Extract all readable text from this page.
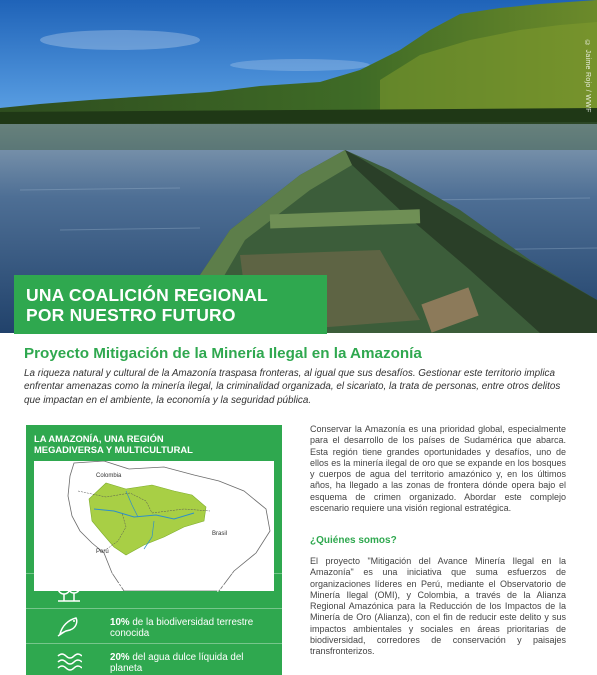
© Jaime Rojo / WWF
UNA COALICIÓN REGIONAL
POR NUESTRO FUTURO
Proyecto Mitigación de la Minería Ilegal en la Amazonía
La riqueza natural y cultural de la Amazonía traspasa fronteras, al igual que sus desafíos. Gestionar este territorio implica enfrentar amenazas como la minería ilegal, la criminalidad organizada, el sicariato, la trata de personas, entre otros delitos que impactan en el ambiente, la economía y la seguridad pública.
LA AMAZONÍA, UNA REGIÓN
MEGADIVERSA Y MULTICULTURAL
Colombia
Perú
Brasil
6.7 millones km² de bosques
10% de la biodiversidad terrestre conocida
20% del agua dulce líquida del planeta
Conservar la Amazonía es una prioridad global, especialmente para el desarrollo de los países de Sudamérica que abarca. Esta región tiene grandes oportunidades y desafíos, uno de ellos es la minería ilegal de oro que se expande en los bosques y cuerpos de agua del territorio amazónico y, en los últimos años, ha llegado a las zonas de frontera dónde opera bajo el esquema de crimen organizado. Abordar este complejo escenario requiere una visión regional estratégica.
¿Quiénes somos?
El proyecto "Mitigación del Avance Minería Ilegal en la Amazonía" es una iniciativa que suma esfuerzos de organizaciones líderes en Perú, mediante el Observatorio de Minería Ilegal (OMI), y Colombia, a través de la Alianza Regional Amazónica para la Reducción de los Impactos de la Minería de Oro (Alianza), con el fin de reducir este delito y sus impactos ambientales y sociales en áreas prioritarias de biodiversidad, corredores de conservación y paisajes transfronterizos.
